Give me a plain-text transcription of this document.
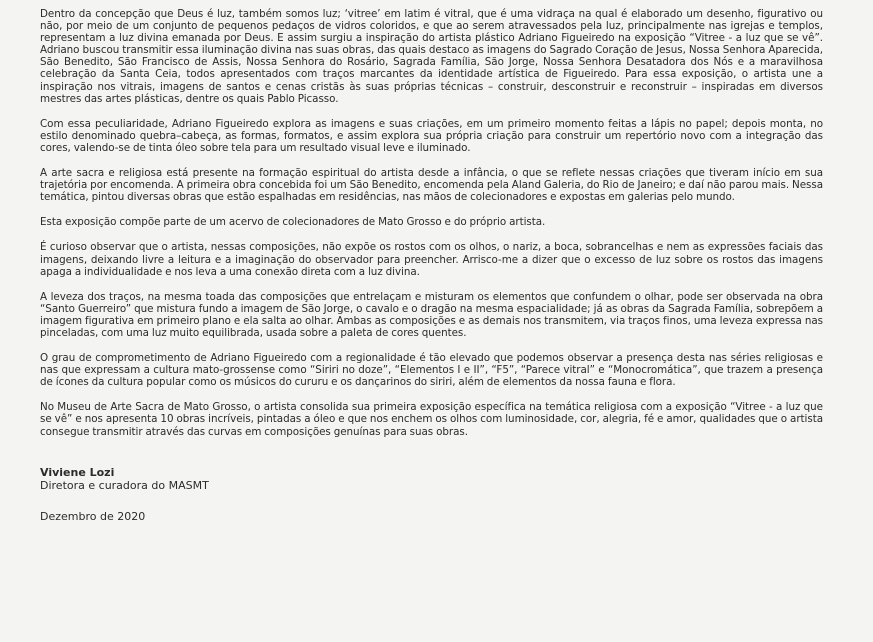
Dentro da concepção que Deus é luz, também somos luz; ‘vitree’ em latim é vitral, que é uma vidraça na qual é elaborado um desenho, figurativo ou não, por meio de um conjunto de pequenos pedaços de vidros coloridos, e que ao serem atravessados pela luz, principalmente nas igrejas e templos, representam a luz divina emanada por Deus. E assim surgiu a inspiração do artista plástico Adriano Figueiredo na exposição “Vitree - a luz que se vê”. Adriano buscou transmitir essa iluminação divina nas suas obras, das quais destaco as imagens do Sagrado Coração de Jesus, Nossa Senhora Aparecida, São Benedito, São Francisco de Assis, Nossa Senhora do Rosário, Sagrada Família, São Jorge, Nossa Senhora Desatadora dos Nós e a maravilhosa celebração da Santa Ceia, todos apresentados com traços marcantes da identidade artística de Figueiredo. Para essa exposição, o artista une a inspiração nos vitrais, imagens de santos e cenas cristãs às suas próprias técnicas – construir, desconstruir e reconstruir – inspiradas em diversos mestres das artes plásticas, dentre os quais Pablo Picasso.

Com essa peculiaridade, Adriano Figueiredo explora as imagens e suas criações, em um primeiro momento feitas a lápis no papel; depois monta, no estilo denominado quebra–cabeça, as formas, formatos, e assim explora sua própria criação para construir um repertório novo com a integração das cores, valendo-se de tinta óleo sobre tela para um resultado visual leve e iluminado.

A arte sacra e religiosa está presente na formação espiritual do artista desde a infância, o que se reflete nessas criações que tiveram início em sua trajetória por encomenda. A primeira obra concebida foi um São Benedito, encomenda pela Aland Galeria, do Rio de Janeiro; e daí não parou mais. Nessa temática, pintou diversas obras que estão espalhadas em residências, nas mãos de colecionadores e expostas em galerias pelo mundo.

Esta exposição compõe parte de um acervo de colecionadores de Mato Grosso e do próprio artista.

É curioso observar que o artista, nessas composições, não expõe os rostos com os olhos, o nariz, a boca, sobrancelhas e nem as expressões faciais das imagens, deixando livre a leitura e a imaginação do observador para preencher. Arrisco-me a dizer que o excesso de luz sobre os rostos das imagens apaga a individualidade e nos leva a uma conexão direta com a luz divina.

A leveza dos traços, na mesma toada das composições que entrelaçam e misturam os elementos que confundem o olhar, pode ser observada na obra “Santo Guerreiro” que mistura fundo a imagem de São Jorge, o cavalo e o dragão na mesma espacialidade; já as obras da Sagrada Família, sobrepõem a imagem figurativa em primeiro plano e ela salta ao olhar. Ambas as composições e as demais nos transmitem, via traços finos, uma leveza expressa nas pinceladas, com uma luz muito equilibrada, usada sobre a paleta de cores quentes.

O grau de comprometimento de Adriano Figueiredo com a regionalidade é tão elevado que podemos observar a presença desta nas séries religiosas e nas que expressam a cultura mato-grossense como “Siriri no doze”, “Elementos I e II”, “F5”, “Parece vitral” e “Monocromática”, que trazem a presença de ícones da cultura popular como os músicos do cururu e os dançarinos do siriri, além de elementos da nossa fauna e flora.

No Museu de Arte Sacra de Mato Grosso, o artista consolida sua primeira exposição específica na temática religiosa com a exposição “Vitree - a luz que se vê” e nos apresenta 10 obras incríveis, pintadas a óleo e que nos enchem os olhos com luminosidade, cor, alegria, fé e amor, qualidades que o artista consegue transmitir através das curvas em composições genuínas para suas obras.

Viviene Lozi
Diretora e curadora do MASMT
Dezembro de 2020
